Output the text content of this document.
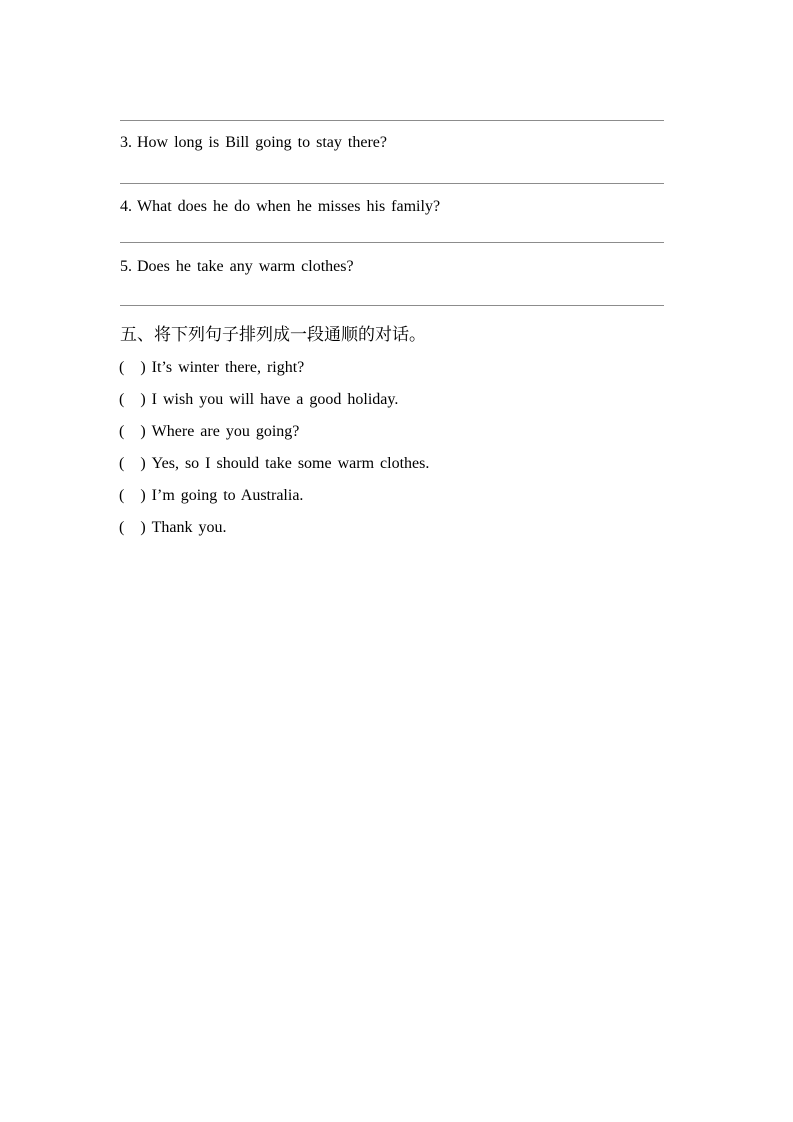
3. How long is Bill going to stay there?
4. What does he do when he misses his family?
5. Does he take any warm clothes?
五、将下列句子排列成一段通顺的对话。
( ) It’s winter there, right?
( ) I wish you will have a good holiday.
( ) Where are you going?
( ) Yes, so I should take some warm clothes.
( ) I’m going to Australia.
( ) Thank you.
